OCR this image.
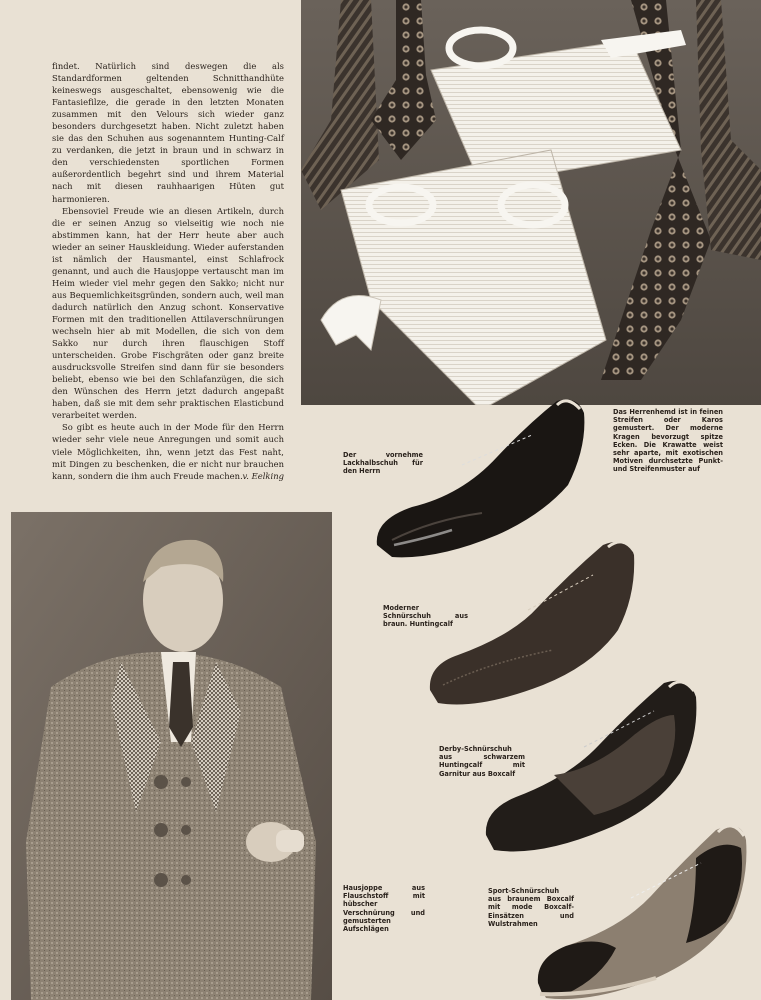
findet. Natürlich sind deswegen die als Standardformen geltenden Schnitthandhüte keineswegs ausgeschaltet, ebensowenig wie die Fantasiefilze, die gerade in den letzten Monaten zusammen mit den Velours sich wieder ganz besonders durchgesetzt haben. Nicht zuletzt haben sie das den Schuhen aus sogenanntem Hunting-Calf zu verdanken, die jetzt in braun und in schwarz in den verschiedensten sportlichen Formen außerordentlich begehrt sind und ihrem Material nach mit diesen rauhhaarigen Hüten gut harmonieren.

Ebensoviel Freude wie an diesen Artikeln, durch die er seinen Anzug so vielseitig wie noch nie abstimmen kann, hat der Herr heute aber auch wieder an seiner Hauskleidung. Wieder auferstanden ist nämlich der Hausmantel, einst Schlafrock genannt, und auch die Hausjoppe vertauscht man im Heim wieder viel mehr gegen den Sakko; nicht nur aus Bequemlichkeitsgründen, sondern auch, weil man dadurch natürlich den Anzug schont. Konservative Formen mit den traditionellen Attilaverschnürungen wechseln hier ab mit Modellen, die sich von dem Sakko nur durch ihren flauschigen Stoff unterscheiden. Grobe Fischgräten oder ganz breite ausdrucksvolle Streifen sind dann für sie besonders beliebt, ebenso wie bei den Schlafanzügen, die sich den Wünschen des Herrn jetzt dadurch angepaßt haben, daß sie mit dem sehr praktischen Elasticbund verarbeitet werden.

So gibt es heute auch in der Mode für den Herrn wieder sehr viele neue Anregungen und somit auch viele Möglichkeiten, ihn, wenn jetzt das Fest naht, mit Dingen zu beschenken, die er nicht nur brauchen kann, sondern die ihm auch Freude machen. v. Eelking
Das Herrenhemd ist in feinen Streifen oder Karos gemustert. Der moderne Kragen bevorzugt spitze Ecken. Die Krawatte weist sehr aparte, mit exotischen Motiven durchsetzte Punkt- und Streifenmuster auf
Der vornehme Lackhalbschuh für den Herrn
Moderner Schnürschuh aus braun. Huntingcalf
Derby-Schnürschuh aus schwarzem Huntingcalf mit Garnitur aus Boxcalf
Sport-Schnürschuh aus braunem Boxcalf mit mode Boxcalf-Einsätzen und Wulstrahmen
Hausjoppe aus Flauschstoff mit hübscher Verschnürung und gemusterten Aufschlägen
